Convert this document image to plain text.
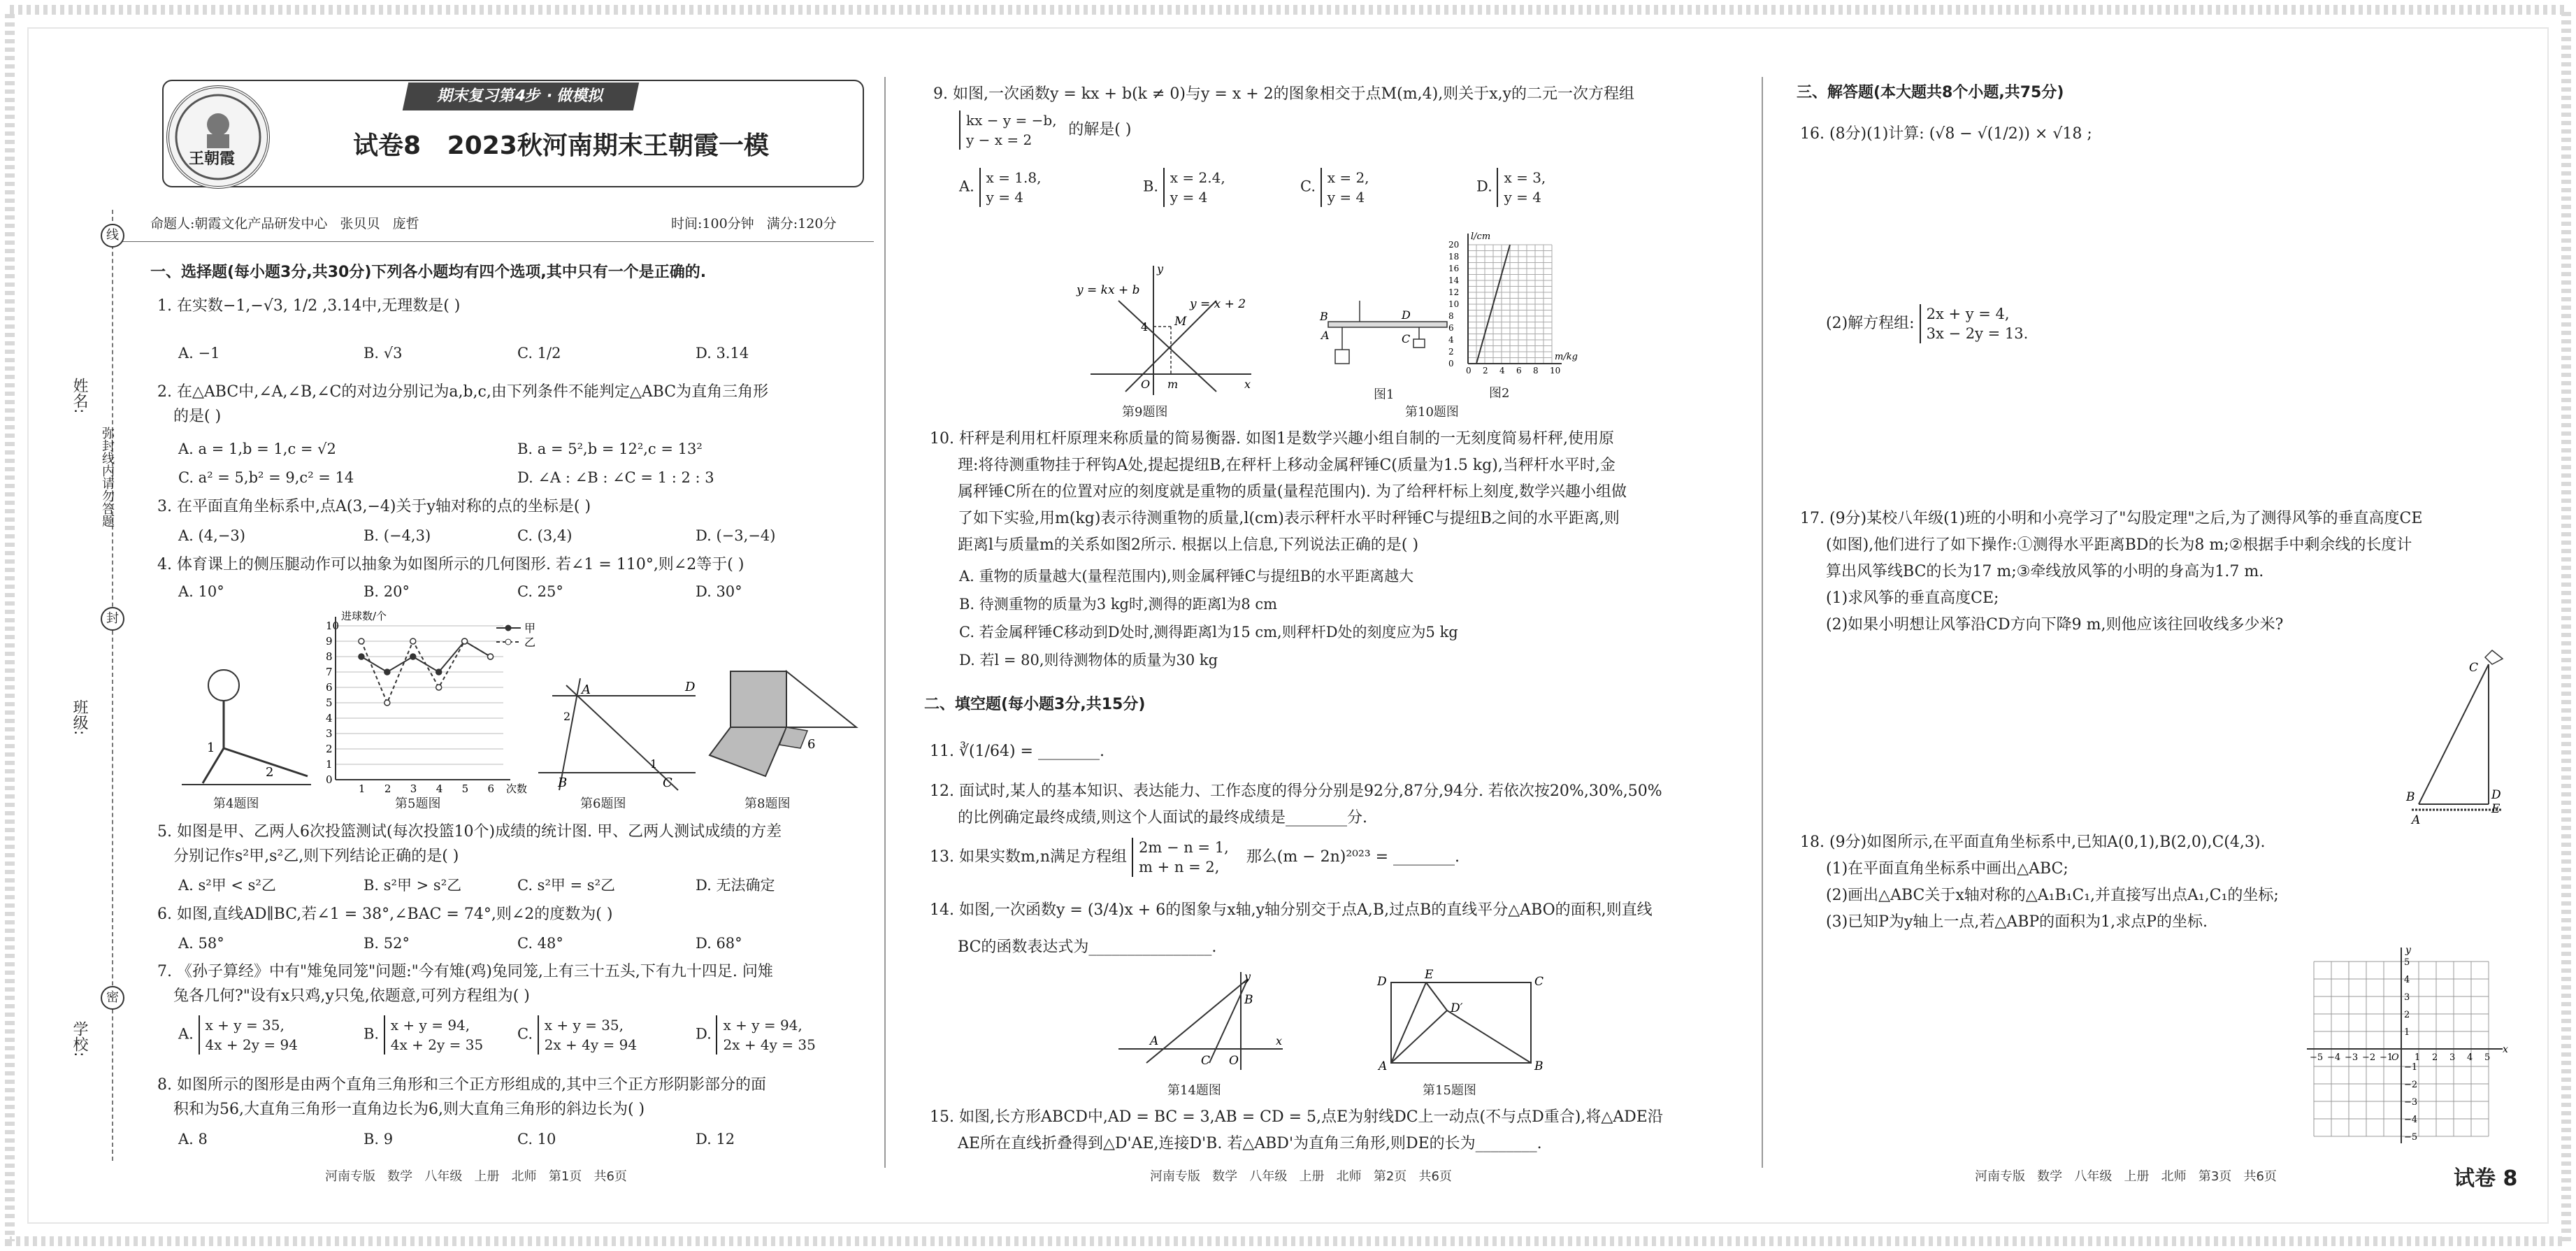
期末复习第4步 · 做模拟
王朝霞	试卷8   2023秋河南期末王朝霞一模
命题人:朝霞文化产品研发中心   张贝贝   庞哲	时间:100分钟   满分:120分
姓名:
班级:
学校:
线
封
密
弥封线内请勿答题
一、选择题(每小题3分,共30分)下列各小题均有四个选项,其中只有一个是正确的.
1. 在实数−1,−√3, 1/2 ,3.14中,无理数是( )
A. −1	B. √3	C. 1/2	D. 3.14
2. 在△ABC中,∠A,∠B,∠C的对边分别记为a,b,c,由下列条件不能判定△ABC为直角三角形
的是( )
A. a = 1,b = 1,c = √2	B. a = 5²,b = 12²,c = 13²
C. a² = 5,b² = 9,c² = 14	D. ∠A : ∠B : ∠C = 1 : 2 : 3
3. 在平面直角坐标系中,点A(3,−4)关于y轴对称的点的坐标是( )
A. (4,−3)	B. (−4,3)	C. (3,4)	D. (−3,−4)
4. 体育课上的侧压腿动作可以抽象为如图所示的几何图形. 若∠1 = 110°,则∠2等于( )
A. 10°	B. 20°	C. 25°	D. 30°
1
2
第4题图
0
1
2
3
4
5
6
7
8
9
10
1 2 3 4 5 6 次数
进球数/个
甲
乙
第5题图
A	D
B	C
1
2
第6题图
6
第8题图
5. 如图是甲、乙两人6次投篮测试(每次投篮10个)成绩的统计图. 甲、乙两人测试成绩的方差
分别记作s²甲,s²乙,则下列结论正确的是( )
A. s²甲 < s²乙	B. s²甲 > s²乙	C. s²甲 = s²乙	D. 无法确定
6. 如图,直线AD∥BC,若∠1 = 38°,∠BAC = 74°,则∠2的度数为( )
A. 58°	B. 52°	C. 48°	D. 68°
7. 《孙子算经》中有"雉兔同笼"问题:"今有雉(鸡)兔同笼,上有三十五头,下有九十四足. 问雉
兔各几何?"设有x只鸡,y只兔,依题意,可列方程组为( )
A. x + y = 35,
4x + 2y = 94
B. x + y = 94,
4x + 2y = 35
C. x + y = 35,
2x + 4y = 94
D. x + y = 94,
2x + 4y = 35
8. 如图所示的图形是由两个直角三角形和三个正方形组成的,其中三个正方形阴影部分的面
积和为56,大直角三角形一直角边长为6,则大直角三角形的斜边长为( )
A. 8	B. 9	C. 10	D. 12
河南专版   数学   八年级   上册   北师   第1页   共6页
9. 如图,一次函数y = kx + b(k ≠ 0)与y = x + 2的图象相交于点M(m,4),则关于x,y的二元一次方程组
kx − y = −b,
y − x = 2 的解是( )
A. x = 1.8,
y = 4
B. x = 2.4,
y = 4
C. x = 2,
y = 4
D. x = 3,
y = 4
y = kx + b
y = x + 2
M
4
O m	x
y
第9题图
B
A
D
C
图1
20
18
16
14
12
10
8
6
4
2
0
0 2 4 6 8 10
l/cm
m/kg
图2
第10题图
10. 杆秤是利用杠杆原理来称质量的简易衡器. 如图1是数学兴趣小组自制的一无刻度简易杆秤,使用原
理:将待测重物挂于秤钩A处,提起提纽B,在秤杆上移动金属秤锤C(质量为1.5 kg),当秤杆水平时,金
属秤锤C所在的位置对应的刻度就是重物的质量(量程范围内). 为了给秤杆标上刻度,数学兴趣小组做
了如下实验,用m(kg)表示待测重物的质量,l(cm)表示秤杆水平时秤锤C与提纽B之间的水平距离,则
距离l与质量m的关系如图2所示. 根据以上信息,下列说法正确的是( )
A. 重物的质量越大(量程范围内),则金属秤锤C与提纽B的水平距离越大
B. 待测重物的质量为3 kg时,测得的距离l为8 cm
C. 若金属秤锤C移动到D处时,测得距离l为15 cm,则秤杆D处的刻度应为5 kg
D. 若l = 80,则待测物体的质量为30 kg
二、填空题(每小题3分,共15分)
11. ∛(1/64) = ________.
12. 面试时,某人的基本知识、表达能力、工作态度的得分分别是92分,87分,94分. 若依次按20%,30%,50%
的比例确定最终成绩,则这个人面试的最终成绩是________分.
13. 如果实数m,n满足方程组 2m − n = 1,
m + n = 2, 那么(m − 2n)²⁰²³ = ________.
14. 如图,一次函数y = (3/4)x + 6的图象与x轴,y轴分别交于点A,B,过点B的直线平分△ABO的面积,则直线
BC的函数表达式为________________.
A
C O
B
x
y
第14题图
D	E	C
D′
A	B
第15题图
15. 如图,长方形ABCD中,AD = BC = 3,AB = CD = 5,点E为射线DC上一动点(不与点D重合),将△ADE沿
AE所在直线折叠得到△D'AE,连接D'B. 若△ABD'为直角三角形,则DE的长为________.
河南专版   数学   八年级   上册   北师   第2页   共6页
三、解答题(本大题共8个小题,共75分)
16. (8分)(1)计算: (√8 − √(1/2)) × √18 ;
(2)解方程组: 2x + y = 4,
3x − 2y = 13.
17. (9分)某校八年级(1)班的小明和小亮学习了"勾股定理"之后,为了测得风筝的垂直高度CE
(如图),他们进行了如下操作:①测得水平距离BD的长为8 m;②根据手中剩余线的长度计
算出风筝线BC的长为17 m;③牵线放风筝的小明的身高为1.7 m.
(1)求风筝的垂直高度CE;
(2)如果小明想让风筝沿CD方向下降9 m,则他应该往回收线多少米?
C
B	D
E
A
18. (9分)如图所示,在平面直角坐标系中,已知A(0,1),B(2,0),C(4,3).
(1)在平面直角坐标系中画出△ABC;
(2)画出△ABC关于x轴对称的△A₁B₁C₁,并直接写出点A₁,C₁的坐标;
(3)已知P为y轴上一点,若△ABP的面积为1,求点P的坐标.
−5 −4 −3 −2 −1 1 2 3 4 5
5
4
3
2
1
−1
−2
−3
−4
−5
O
x
y
河南专版   数学   八年级   上册   北师   第3页   共6页	试卷 8
